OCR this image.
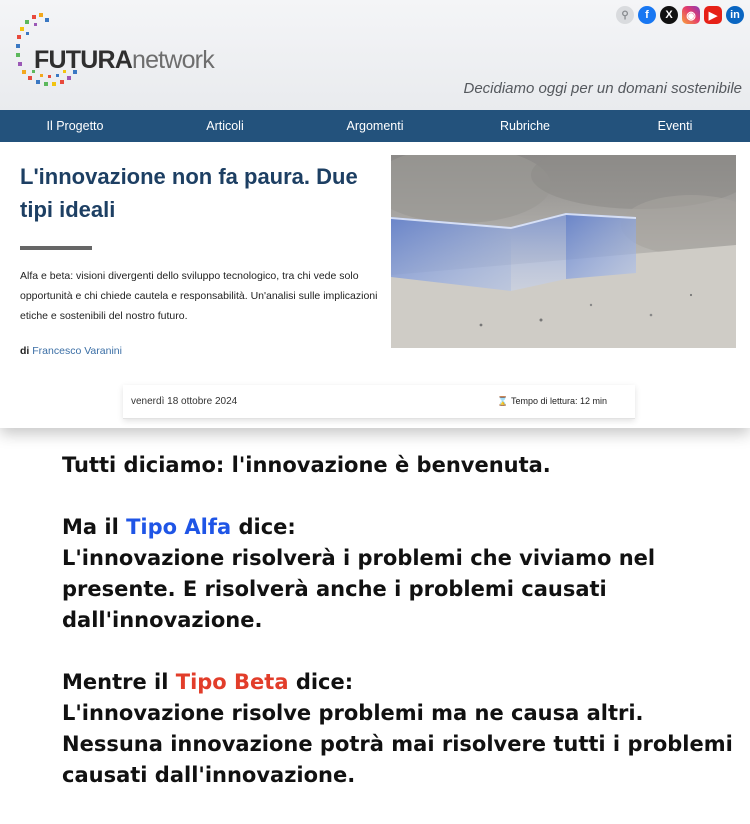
FUTURAnetwork
⚲	f	X	◉	▶	in
Decidiamo oggi per un domani sostenibile
Il Progetto	Articoli	Argomenti	Rubriche	Eventi
L'innovazione non fa paura. Due tipi ideali

Alfa e beta: visioni divergenti dello sviluppo tecnologico, tra chi vede solo opportunità e chi chiede cautela e responsabilità. Un'analisi sulle implicazioni etiche e sostenibili del nostro futuro.

di Francesco Varanini
venerdì 18 ottobre 2024	⌛ Tempo di lettura: 12 min

Tutti diciamo: l'innovazione è benvenuta.

Ma il Tipo Alfa dice:

L'innovazione risolverà i problemi che viviamo nel presente. E risolverà anche i problemi causati dall'innovazione.

Mentre il Tipo Beta dice:

L'innovazione risolve problemi ma ne causa altri. Nessuna innovazione potrà mai risolvere tutti i problemi causati dall'innovazione.
